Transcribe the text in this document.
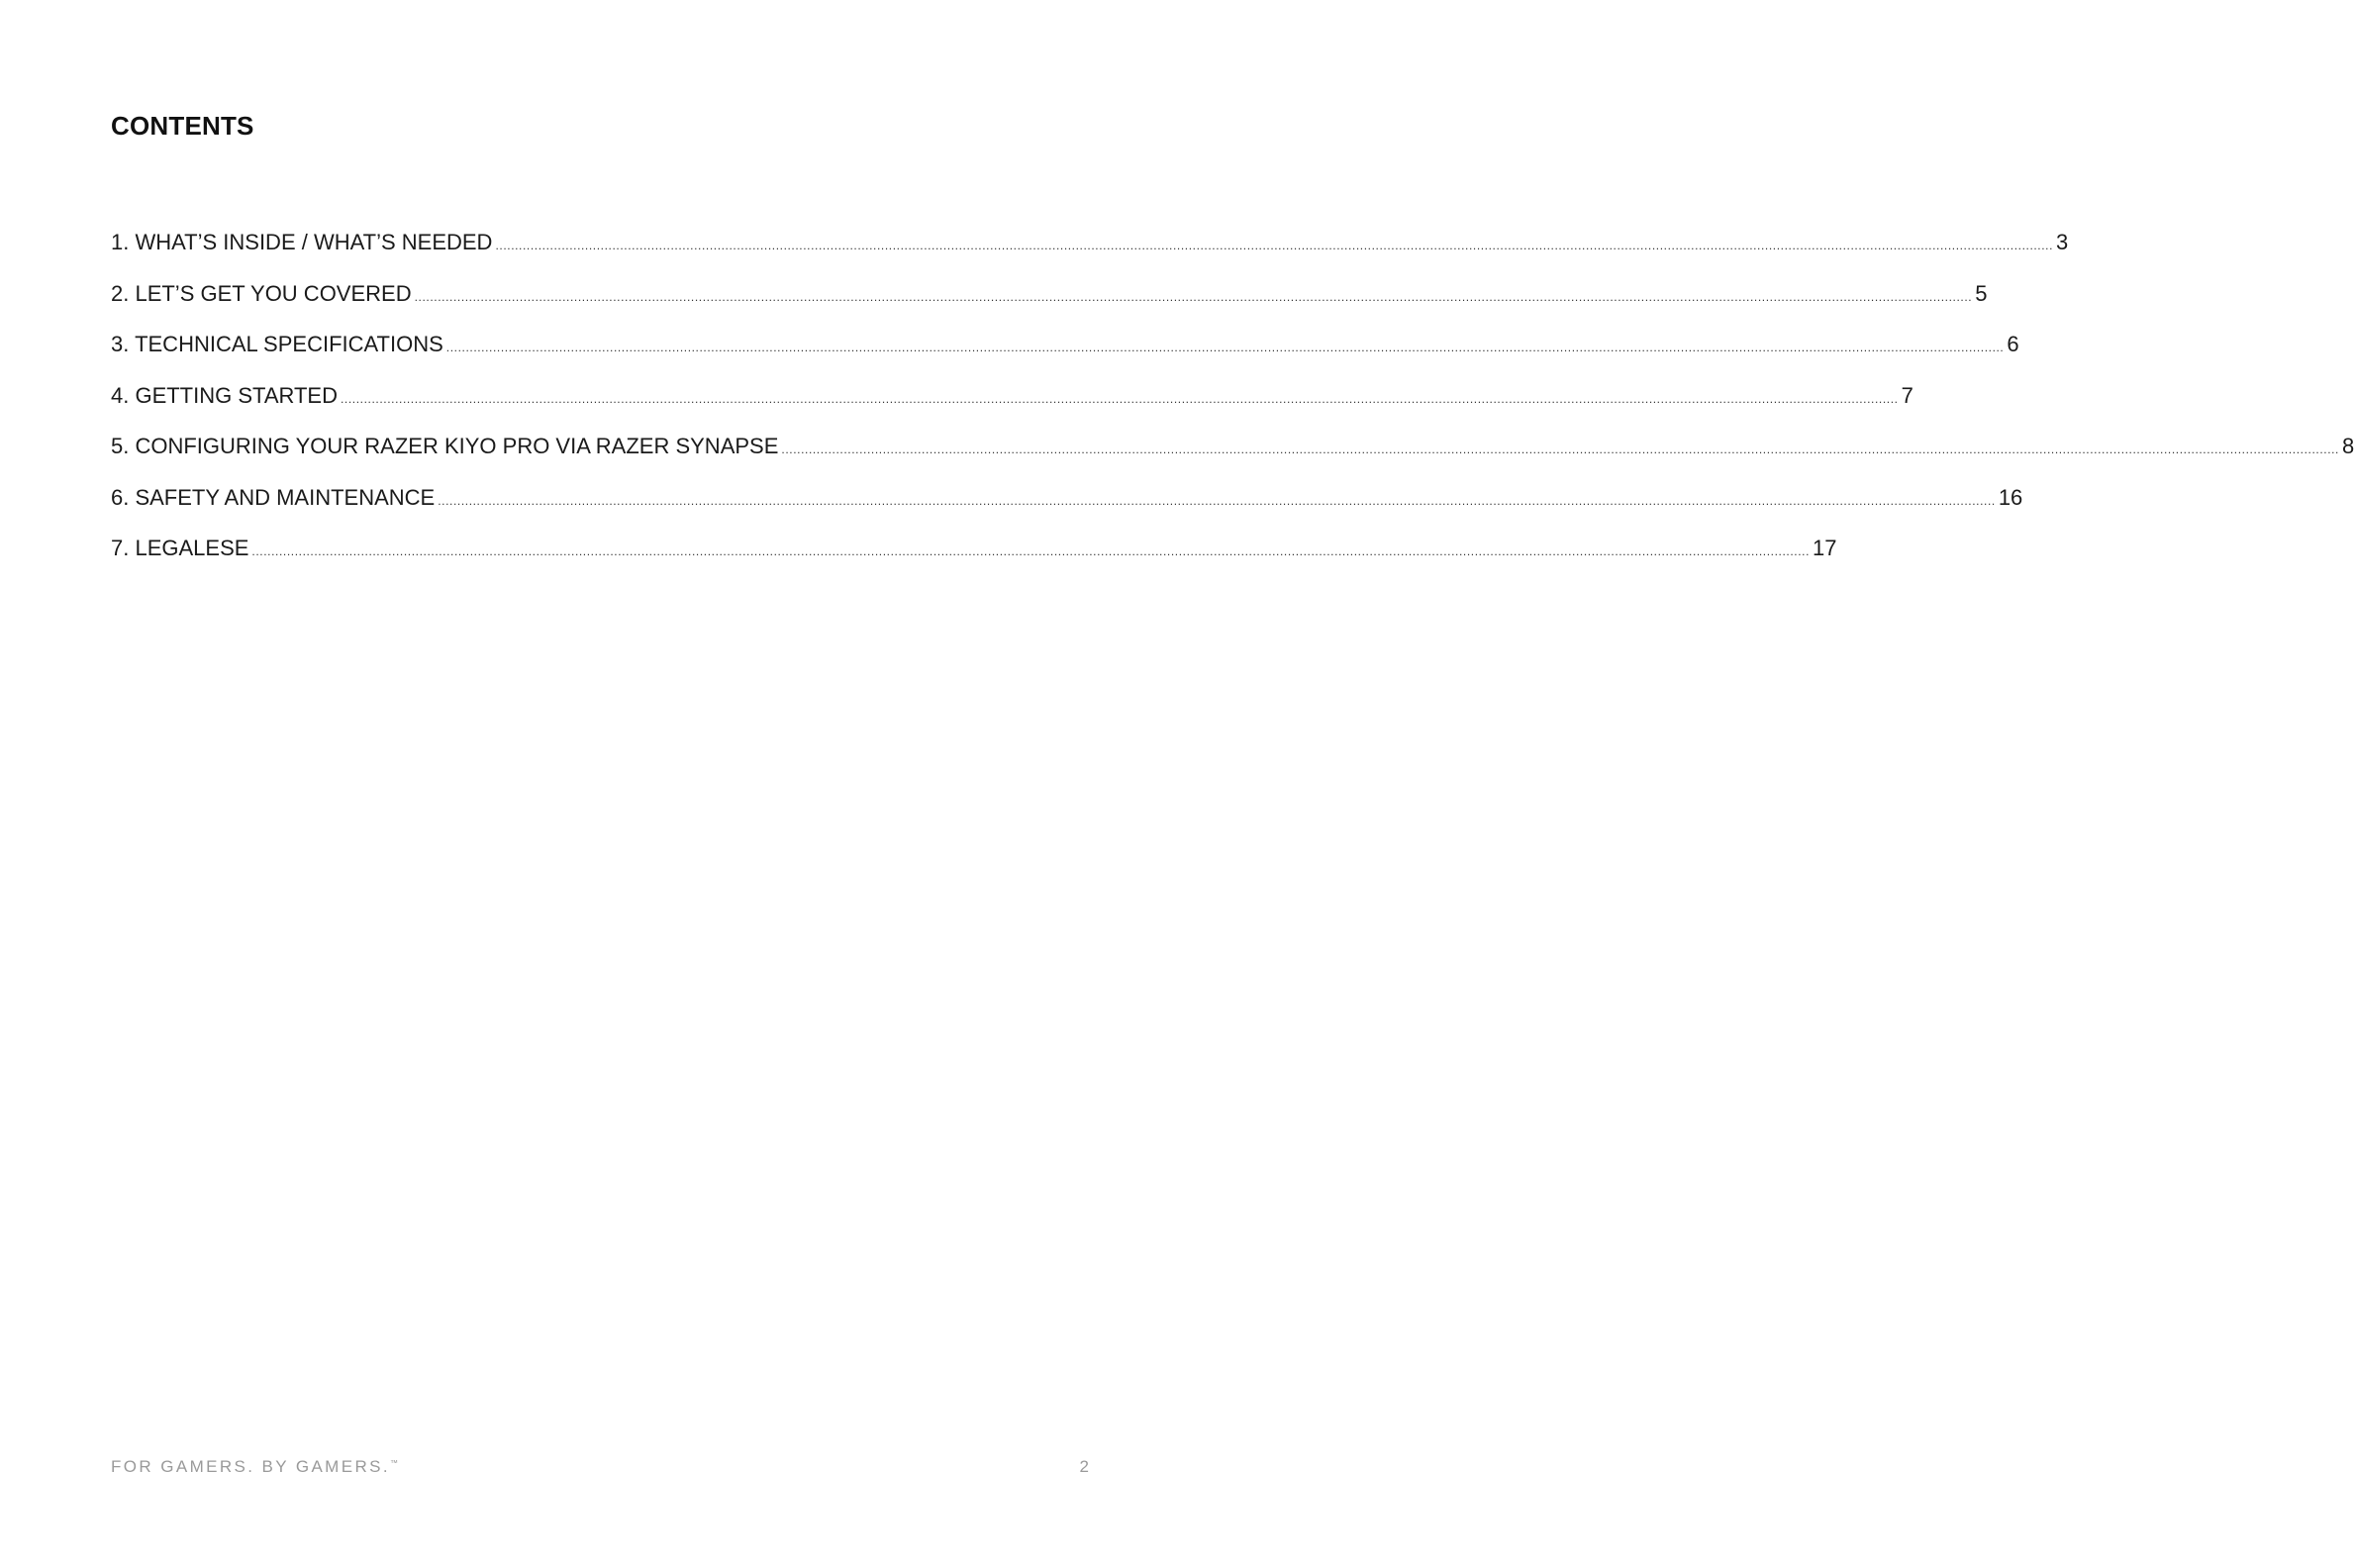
CONTENTS
1. WHAT’S INSIDE / WHAT’S NEEDED ................................................................................................................................................................................................................................................................................................................................................................................................................ 3
2. LET’S GET YOU COVERED ................................................................................................................................................................................................................................................................................................................................................................................................................ 5
3. TECHNICAL SPECIFICATIONS ................................................................................................................................................................................................................................................................................................................................................................................................................ 6
4. GETTING STARTED ................................................................................................................................................................................................................................................................................................................................................................................................................ 7
5. CONFIGURING YOUR RAZER KIYO PRO VIA RAZER SYNAPSE ................................................................................................................................................................................................................................................................................................................................................................................................................ 8
6. SAFETY AND MAINTENANCE ................................................................................................................................................................................................................................................................................................................................................................................................................ 16
7. LEGALESE ................................................................................................................................................................................................................................................................................................................................................................................................................ 17
FOR GAMERS. BY GAMERS.™	2
